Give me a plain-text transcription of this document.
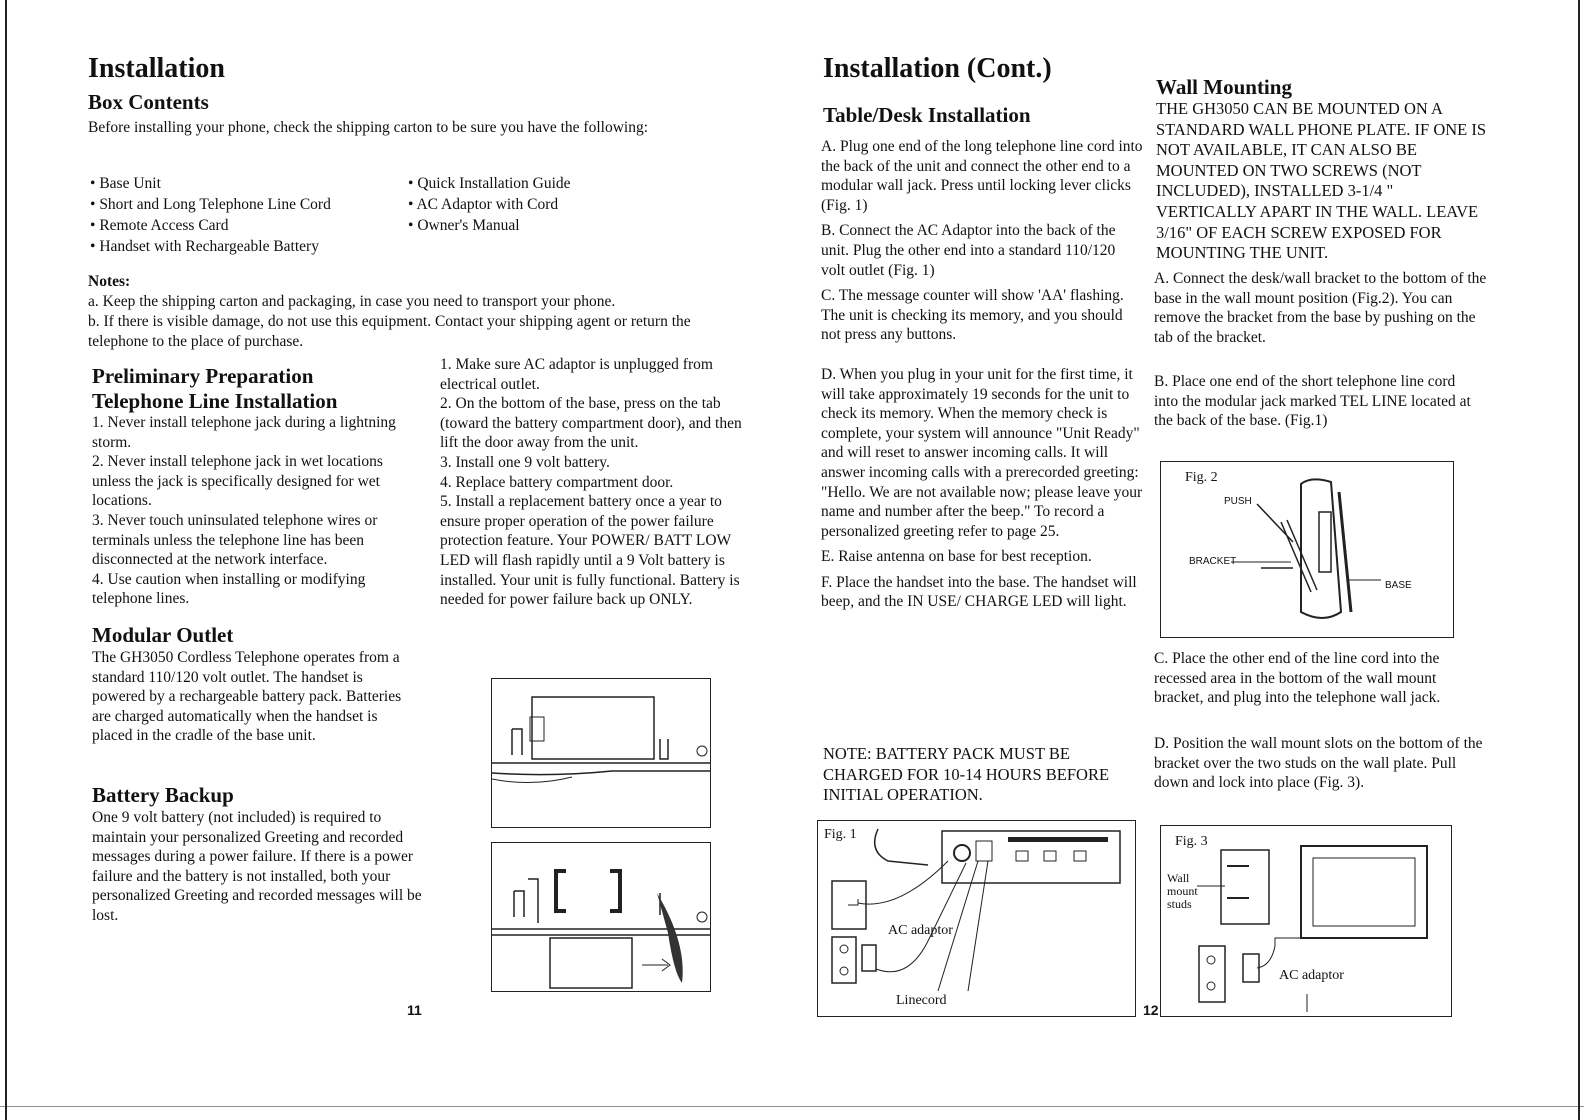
Installation
Box Contents

Before installing your phone, check the shipping carton to be sure you have the following:

• Base Unit
• Short and Long Telephone Line Cord
• Remote Access Card
• Handset with Rechargeable Battery
• Quick Installation Guide
• AC Adaptor with Cord
• Owner's Manual
Notes:

a. Keep the shipping carton and packaging, in case you need to transport your phone.

b. If there is visible damage, do not use this equipment. Contact your shipping agent or return the telephone to the place of purchase.

Preliminary Preparation
Telephone Line Installation

1. Never install telephone jack during a lightning storm.

2. Never install telephone jack in wet locations unless the jack is specifically designed for wet locations.

3. Never touch uninsulated telephone wires or terminals unless the telephone line has been disconnected at the network interface.

4. Use caution when installing or modifying telephone lines.

Modular Outlet

The GH3050 Cordless Telephone operates from a standard 110/120 volt outlet. The handset is powered by a rechargeable battery pack. Batteries are charged automatically when the handset is placed in the cradle of the base unit.

Battery Backup

One 9 volt battery (not included) is required to maintain your personalized Greeting and recorded messages during a power failure. If there is a power failure and the battery is not installed, both your personalized Greeting and recorded messages will be lost.

1. Make sure AC adaptor is unplugged from electrical outlet.

2. On the bottom of the base, press on the tab (toward the battery compartment door), and then lift the door away from the unit.

3. Install one 9 volt battery.

4. Replace battery compartment door.

5. Install a replacement battery once a year to ensure proper operation of the power failure protection feature. Your POWER/ BATT LOW LED will flash rapidly until a 9 Volt battery is installed. Your unit is fully functional. Battery is needed for power failure back up ONLY.

11
Installation (Cont.)
Table/Desk Installation

A. Plug one end of the long telephone line cord into the back of the unit and connect the other end to a modular wall jack. Press until locking lever clicks (Fig. 1)

B. Connect the AC Adaptor into the back of the unit. Plug the other end into a standard 110/120 volt outlet (Fig. 1)

C. The message counter will show 'AA' flashing. The unit is checking its memory, and you should not press any buttons.

D. When you plug in your unit for the first time, it will take approximately 19 seconds for the unit to check its memory. When the memory check is complete, your system will announce "Unit Ready" and will reset to answer incoming calls. It will answer incoming calls with a prerecorded greeting: "Hello. We are not available now; please leave your name and number after the beep." To record a personalized greeting refer to page 25.

E. Raise antenna on base for best reception.

F. Place the handset into the base. The handset will beep, and the IN USE/ CHARGE LED will light.

NOTE: BATTERY PACK MUST BE CHARGED FOR 10-14 HOURS BEFORE INITIAL OPERATION.

Fig. 1
AC adaptor
Linecord
12
Wall Mounting

THE GH3050 CAN BE MOUNTED ON A STANDARD WALL PHONE PLATE. IF ONE IS NOT AVAILABLE, IT CAN ALSO BE MOUNTED ON TWO SCREWS (NOT INCLUDED), INSTALLED 3-1/4 " VERTICALLY APART IN THE WALL. LEAVE 3/16" OF EACH SCREW EXPOSED FOR MOUNTING THE UNIT.

A. Connect the desk/wall bracket to the bottom of the base in the wall mount position (Fig.2). You can remove the bracket from the base by pushing on the tab of the bracket.

B. Place one end of the short telephone line cord into the modular jack marked TEL LINE located at the back of the base. (Fig.1)

Fig. 2
PUSH
BRACKET
BASE

C. Place the other end of the line cord into the recessed area in the bottom of the wall mount bracket, and plug into the telephone wall jack.

D. Position the wall mount slots on the bottom of the bracket over the two studs on the wall plate. Pull down and lock into place (Fig. 3).

Fig. 3
Wall mount studs
AC adaptor
